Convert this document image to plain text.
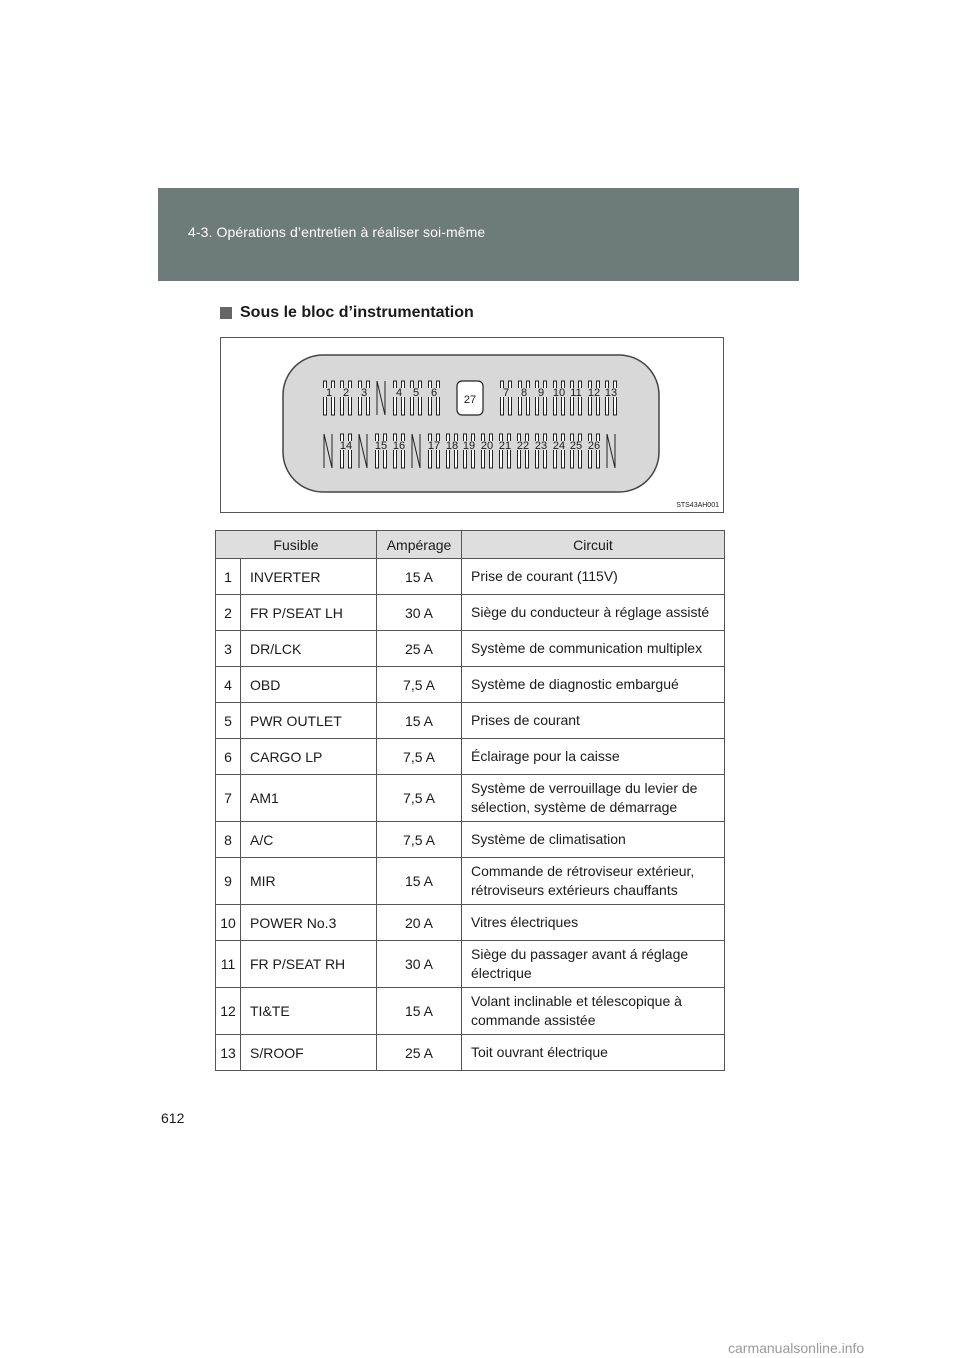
4-3. Opérations d’entretien à réaliser soi-même
Sous le bloc d’instrumentation
1 2 3	4 5 6
27
7 8 9 10 11 12 13
14 15 16 17 18 19 20 21 22 23 24 25 26
STS43AH001
Fusible		Ampérage	Circuit
1	INVERTER	15 A	Prise de courant (115V)
2	FR P/SEAT LH	30 A	Siège du conducteur à réglage assisté
3	DR/LCK	25 A	Système de communication multiplex
4	OBD	7,5 A	Système de diagnostic embargué
5	PWR OUTLET	15 A	Prises de courant
6	CARGO LP	7,5 A	Éclairage pour la caisse
7	AM1	7,5 A	Système de verrouillage du levier de sélection, système de démarrage
8	A/C	7,5 A	Système de climatisation
9	MIR	15 A	Commande de rétroviseur extérieur, rétroviseurs extérieurs chauffants
10	POWER No.3	20 A	Vitres électriques
11	FR P/SEAT RH	30 A	Siège du passager avant á réglage électrique
12	TI&TE	15 A	Volant inclinable et télescopique à commande assistée
13	S/ROOF	25 A	Toit ouvrant électrique
612
carmanualsonline.info
